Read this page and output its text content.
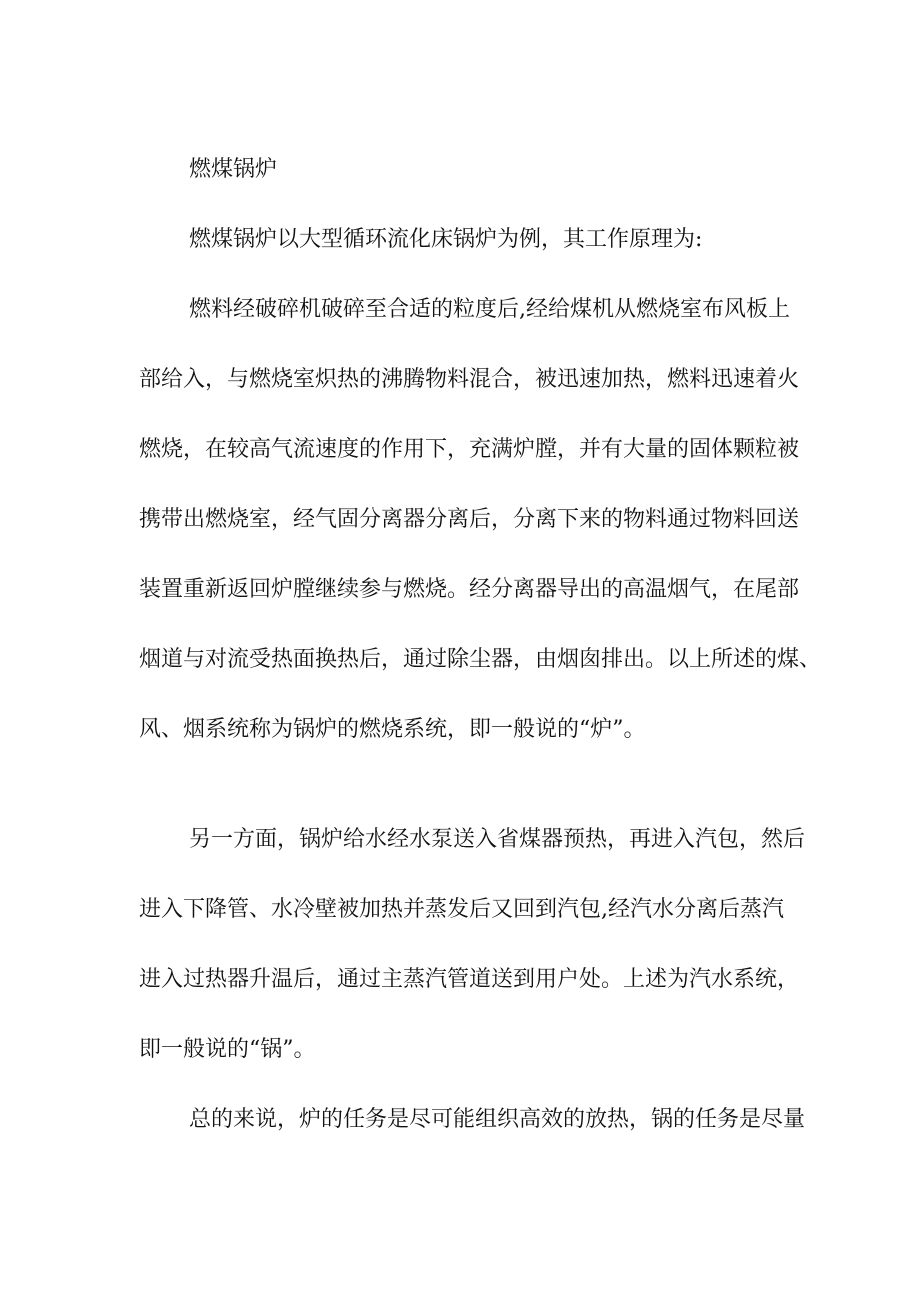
燃煤锅炉
燃煤锅炉以大型循环流化床锅炉为例，其工作原理为:
燃料经破碎机破碎至合适的粒度后,经给煤机从燃烧室布风板上
部给入，与燃烧室炽热的沸腾物料混合，被迅速加热，燃料迅速着火
燃烧，在较高气流速度的作用下，充满炉膛，并有大量的固体颗粒被
携带出燃烧室，经气固分离器分离后，分离下来的物料通过物料回送
装置重新返回炉膛继续参与燃烧。经分离器导出的高温烟气，在尾部
烟道与对流受热面换热后，通过除尘器，由烟囱排出。以上所述的煤、
风、烟系统称为锅炉的燃烧系统，即一般说的“炉”。
另一方面，锅炉给水经水泵送入省煤器预热，再进入汽包，然后
进入下降管、水冷壁被加热并蒸发后又回到汽包,经汽水分离后蒸汽
进入过热器升温后，通过主蒸汽管道送到用户处。上述为汽水系统，
即一般说的“锅”。
总的来说，炉的任务是尽可能组织高效的放热，锅的任务是尽量
